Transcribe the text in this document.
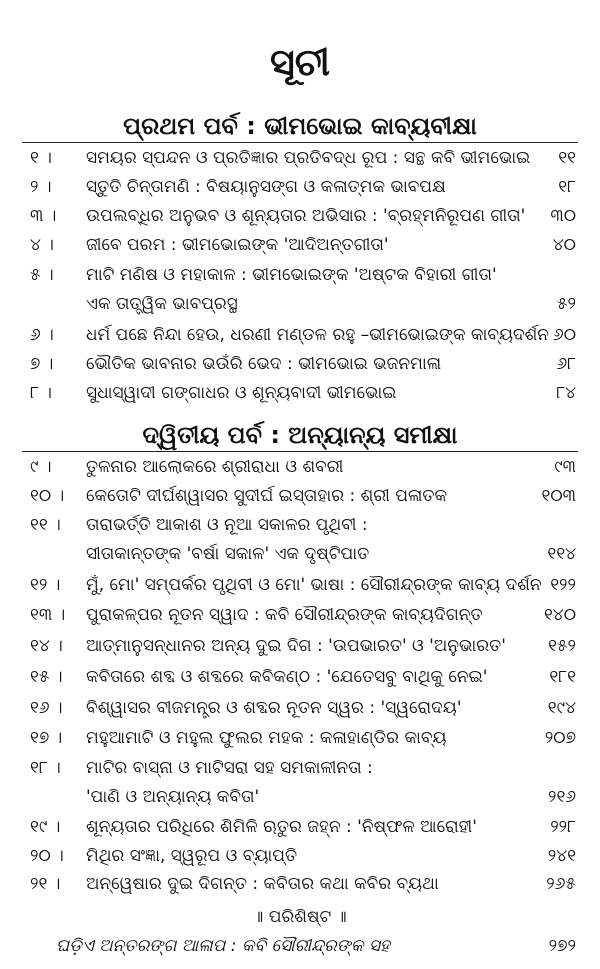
ସୂଚୀ
ପ୍ରଥମ ପର୍ବ : ଭୀମଭୋଇ କାବ୍ୟବୀକ୍ଷା
୧ ।	ସମୟର ସ୍ପନ୍ଦନ ଓ ପ୍ରତିଜ୍ଞାର ପ୍ରତିବଦ୍ଧ ରୂପ : ସନ୍ଥ କବି ଭୀମଭୋଇ ୧୧
୨ ।	ସ୍ତୁତି ଚିନ୍ତାମଣି : ବିଷୟାନୁସଙ୍ଗ ଓ କଳାତ୍ମକ ଭାବପକ୍ଷ	୧୮
୩ ।	ଉପଲବ୍ଧିର ଅନୁଭବ ଓ ଶୂନ୍ୟତାର ଅଭିସାର : 'ବ୍ରହ୍ମନିରୂପଣ ଗୀତା' ୩୦
୪ ।	ଜୀବେ ପରମ : ଭୀମଭୋଇଙ୍କ 'ଆଦିଅନ୍ତଗୀତା'	୪୦
୫ ।	ମାଟି ମଣିଷ ଓ ମହାକାଳ : ଭୀମଭୋଇଙ୍କ 'ଅଷ୍ଟକ ବିହାରୀ ଗୀତା'
ଏକ ତାତ୍ତ୍ୱିକ ଭାବପ୍ରସ୍ଥ	୫୨
୬ ।	ଧର୍ମ ପଛେ ନିନ୍ଦା ହେଉ, ଧରଣୀ ମଣ୍ଡଳ ରହୁ –ଭୀମଭୋଇଙ୍କ କାବ୍ୟଦର୍ଶନ ୬୦
୭ ।	ଭୌତିକ ଭାବନାର ଭଉଁରି ଭେଦ : ଭୀମଭୋଇ ଭଜନମାଳା	୬୮
୮ ।	ସୁଧାସ୍ୱାଦୀ ଗଙ୍ଗାଧର ଓ ଶୂନ୍ୟବାଦୀ ଭୀମଭୋଇ	୮୪
ଦ୍ୱିତୀୟ ପର୍ବ : ଅନ୍ୟାନ୍ୟ ସମୀକ୍ଷା
୯ ।	ତୁଳନାର ଆଲୋକରେ ଶ୍ରୀରାଧା ଓ ଶବରୀ	୯୩
୧୦ ।	କେତୋଟି ଦୀର୍ଘଶ୍ୱାସର ସୁଦୀର୍ଘ ଇସ୍ତାହାର : ଶ୍ରୀ ପଳାତକ	୧୦୩
୧୧ ।	ତାରାଭର୍ତ୍ତି ଆକାଶ ଓ ନୂଆ ସକାଳର ପୃଥିବୀ :
ସୀତାକାନ୍ତଙ୍କ 'ବର୍ଷା ସକାଳ' ଏକ ଦୃଷ୍ଟିପାତ	୧୧୪
୧୨ ।	ମୁଁ, ମୋ' ସମ୍ପର୍କର ପୃଥିବୀ ଓ ମୋ' ଭାଷା : ସୌରୀନ୍ଦ୍ରଙ୍କ କାବ୍ୟ ଦର୍ଶନ ୧୨୨
୧୩ ।	ପୁରାକଳ୍ପର ନୂତନ ସ୍ୱାଦ : କବି ସୌରୀନ୍ଦ୍ରଙ୍କ କାବ୍ୟଦିଗନ୍ତ	୧୪୦
୧୪ ।	ଆତ୍ମାନୁସନ୍ଧାନର ଅନ୍ୟ ଦୁଇ ଦିଗ : 'ଉପଭାରତ' ଓ 'ଅନୁଭାରତ' ୧୫୨
୧୫ ।	କବିତାରେ ଶବ୍ଦ ଓ ଶବ୍ଦରେ କବିକଣ୍ଠ : 'ଯେତେସବୁ ବାଥିକୁ ନେଇ'	୧୮୧
୧୬ ।	ବିଶ୍ୱାସର ବୀଜମନ୍ତ୍ର ଓ ଶବ୍ଦର ନୂତନ ସ୍ୱର : 'ସ୍ୱରୋଦୟ'	୧୯୪
୧୭ ।	ମହୁଆମାଟି ଓ ମହୁଲ ଫୁଲର ମହକ : କଳାହାଣ୍ଡିର କାବ୍ୟ	୨୦୭
୧୮ ।	ମାଟିର ବାସ୍ନା ଓ ମାଟିସରା ସହ ସମକାଳୀନତା :
'ପାଣି ଓ ଅନ୍ୟାନ୍ୟ କବିତା'	୨୧୬
୧୯ ।	ଶୂନ୍ୟତାର ପରିଧିରେ ଶିମିଳି ଋତୁର ଜହ୍ନ : 'ନିଷ୍ଫଳ ଆରୋହୀ'	୨୨୮
୨୦ ।	ମିଥିର ସଂଜ୍ଞା, ସ୍ୱରୂପ ଓ ବ୍ୟାପ୍ତି	୨୪୧
୨୧ ।	ଅନ୍ୱେଷାର ଦୁଇ ଦିଗନ୍ତ : କବିତାର କଥା କବିର ବ୍ୟଥା	୨୬୫
॥ ପରିଶିଷ୍ଟ ॥
ଘଡ଼ିଏ ଅନ୍ତରଙ୍ଗ ଆଳାପ : କବି ସୌରୀନ୍ଦ୍ରଙ୍କ ସହ	୨୭୨
